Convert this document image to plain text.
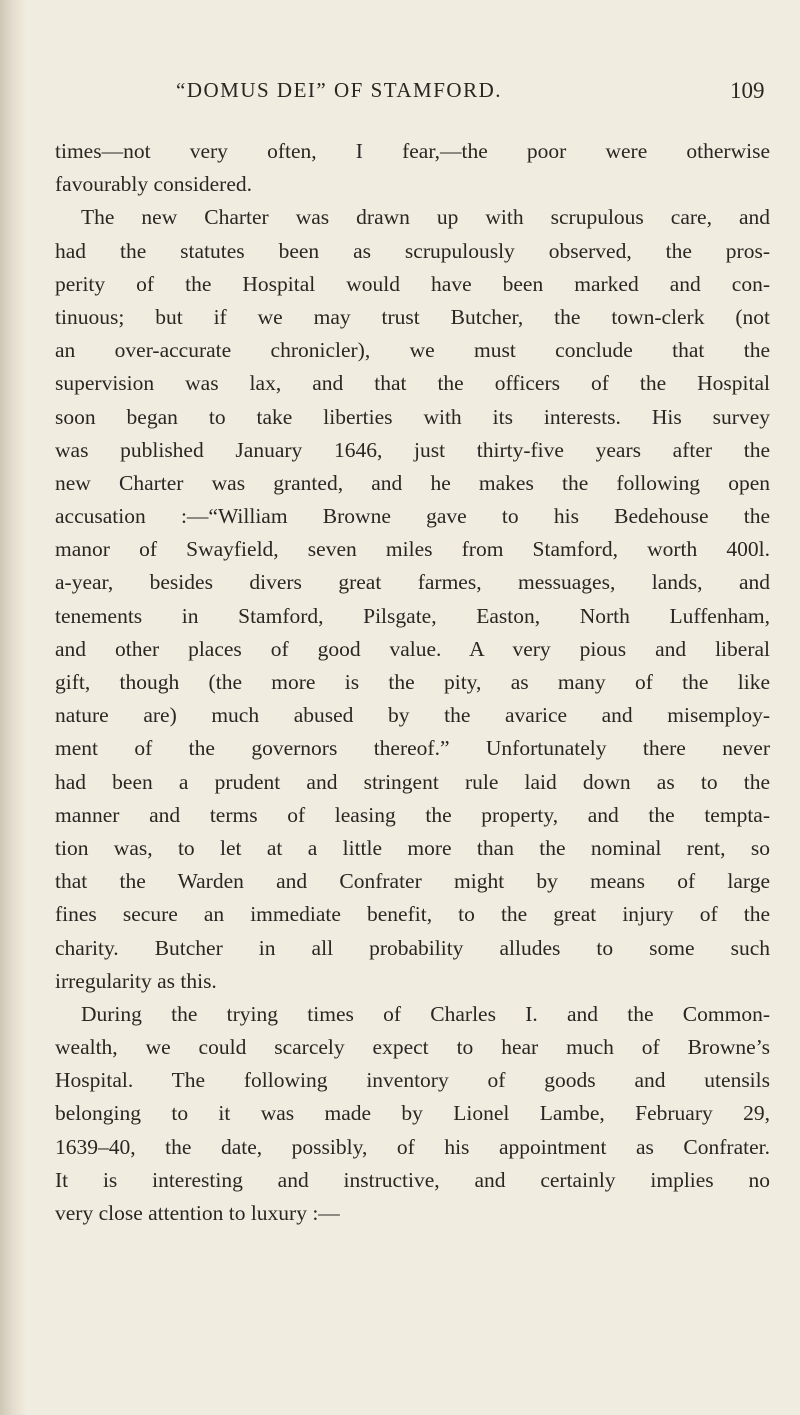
“DOMUS DEI” OF STAMFORD.	109
times—not very often, I fear,—the poor were otherwise
favourably considered.
The new Charter was drawn up with scrupulous care, and
had the statutes been as scrupulously observed, the pros-
perity of the Hospital would have been marked and con-
tinuous; but if we may trust Butcher, the town-clerk (not
an over-accurate chronicler), we must conclude that the
supervision was lax, and that the officers of the Hospital
soon began to take liberties with its interests. His survey
was published January 1646, just thirty-five years after the
new Charter was granted, and he makes the following open
accusation :—“William Browne gave to his Bedehouse the
manor of Swayfield, seven miles from Stamford, worth 400l.
a-year, besides divers great farmes, messuages, lands, and
tenements in Stamford, Pilsgate, Easton, North Luffenham,
and other places of good value. A very pious and liberal
gift, though (the more is the pity, as many of the like
nature are) much abused by the avarice and misemploy-
ment of the governors thereof.” Unfortunately there never
had been a prudent and stringent rule laid down as to the
manner and terms of leasing the property, and the tempta-
tion was, to let at a little more than the nominal rent, so
that the Warden and Confrater might by means of large
fines secure an immediate benefit, to the great injury of the
charity. Butcher in all probability alludes to some such
irregularity as this.
During the trying times of Charles I. and the Common-
wealth, we could scarcely expect to hear much of Browne’s
Hospital. The following inventory of goods and utensils
belonging to it was made by Lionel Lambe, February 29,
1639–40, the date, possibly, of his appointment as Confrater.
It is interesting and instructive, and certainly implies no
very close attention to luxury :—
